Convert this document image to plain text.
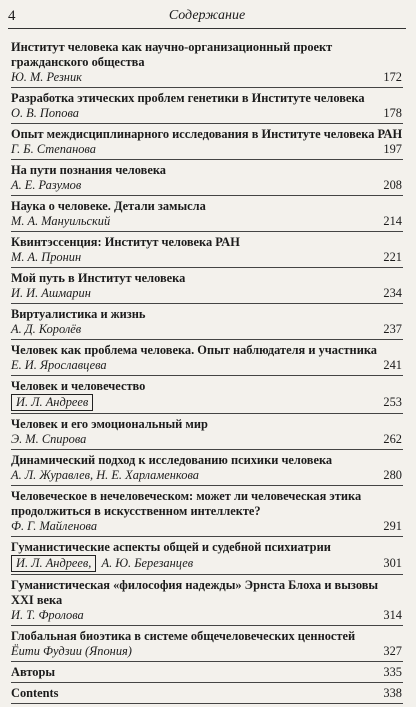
4	Содержание
Институт человека как научно-организационный проект гражданского общества
Ю. М. Резник	172
Разработка этических проблем генетики в Институте человека
О. В. Попова	178
Опыт междисциплинарного исследования в Институте человека РАН
Г. Б. Степанова	197
На пути познания человека
А. Е. Разумов	208
Наука о человеке. Детали замысла
М. А. Мануильский	214
Квинтэссенция: Институт человека РАН
М. А. Пронин	221
Мой путь в Институт человека
И. И. Ашмарин	234
Виртуалистика и жизнь
А. Д. Королёв	237
Человек как проблема человека. Опыт наблюдателя и участника
Е. И. Ярославцева	241
Человек и человечество
И. Л. Андреев	253
Человек и его эмоциональный мир
Э. М. Спирова	262
Динамический подход к исследованию психики человека
А. Л. Журавлев, Н. Е. Харламенкова	280
Человеческое в нечеловеческом: может ли человеческая этика продолжиться в искусственном интеллекте?
Ф. Г. Майленова	291
Гуманистические аспекты общей и судебной психиатрии
И. Л. Андреев, А. Ю. Березанцев	301
Гуманистическая «философия надежды» Эрнста Блоха и вызовы XXI века
И. Т. Фролова	314
Глобальная биоэтика в системе общечеловеческих ценностей
Ёити Фудзии (Япония)	327
Авторы	335
Contents	338
